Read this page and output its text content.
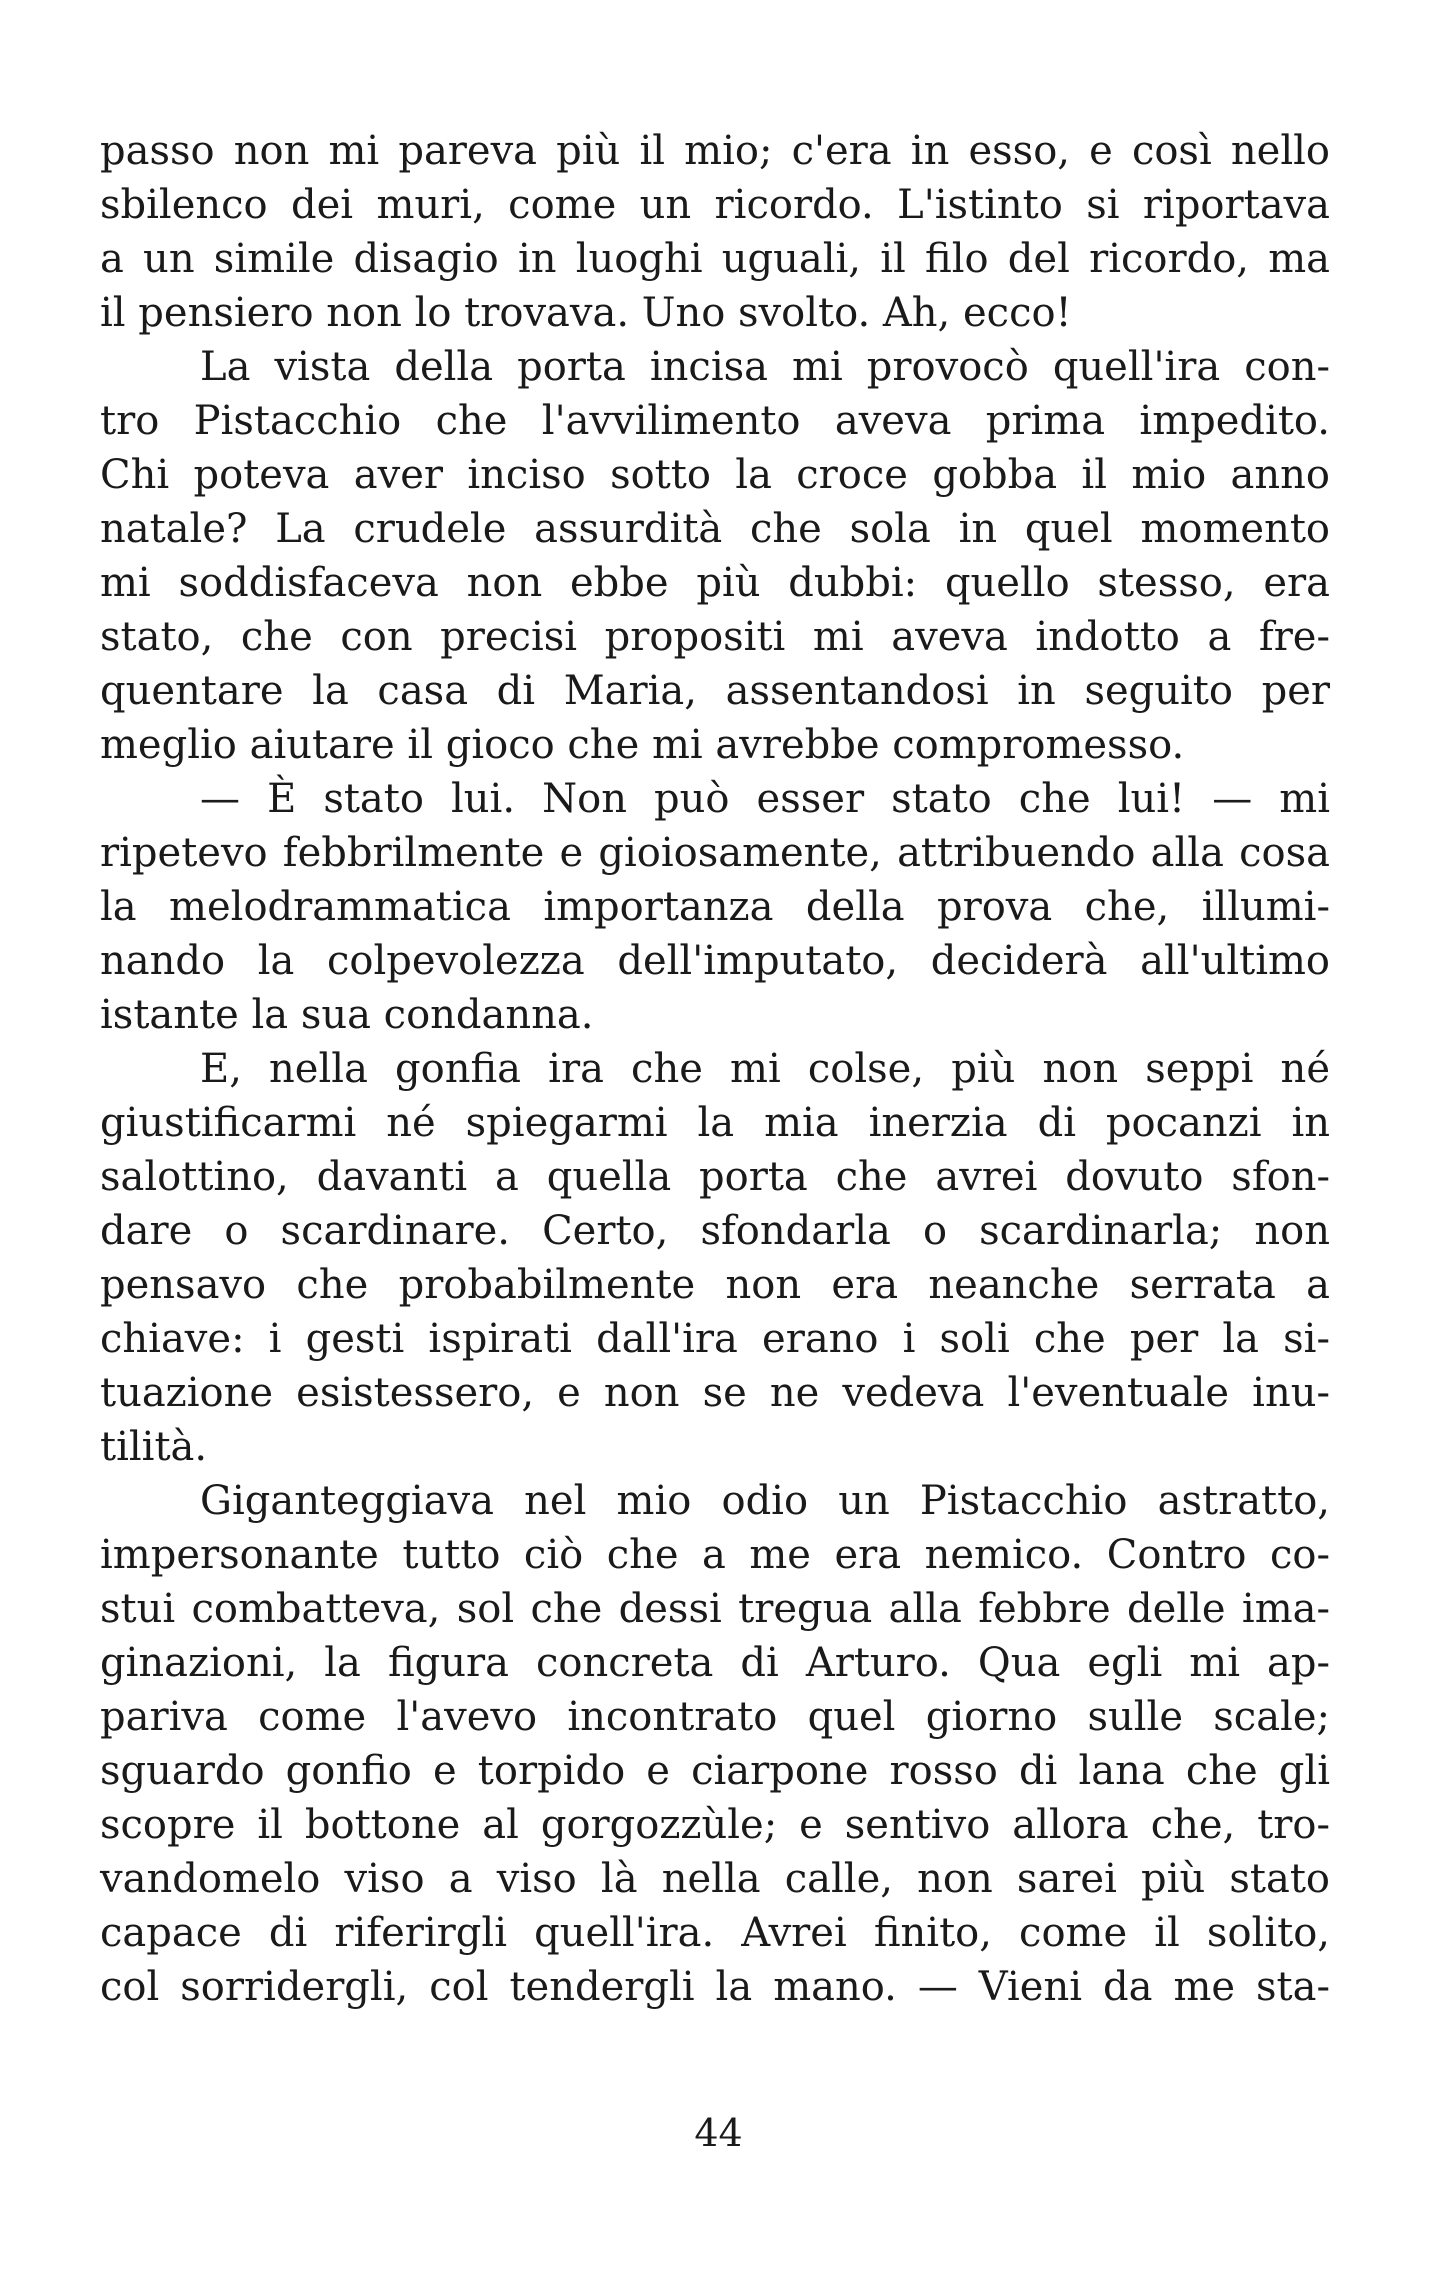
passo non mi pareva più il mio; c'era in esso, e così nello
sbilenco dei muri, come un ricordo. L'istinto si riportava
a un simile disagio in luoghi uguali, il filo del ricordo, ma
il pensiero non lo trovava. Uno svolto. Ah, ecco!
La vista della porta incisa mi provocò quell'ira con-
tro Pistacchio che l'avvilimento aveva prima impedito.
Chi poteva aver inciso sotto la croce gobba il mio anno
natale? La crudele assurdità che sola in quel momento
mi soddisfaceva non ebbe più dubbi: quello stesso, era
stato, che con precisi propositi mi aveva indotto a fre-
quentare la casa di Maria, assentandosi in seguito per
meglio aiutare il gioco che mi avrebbe compromesso.
— È stato lui. Non può esser stato che lui! — mi
ripetevo febbrilmente e gioiosamente, attribuendo alla cosa
la melodrammatica importanza della prova che, illumi-
nando la colpevolezza dell'imputato, deciderà all'ultimo
istante la sua condanna.
E, nella gonfia ira che mi colse, più non seppi né
giustificarmi né spiegarmi la mia inerzia di pocanzi in
salottino, davanti a quella porta che avrei dovuto sfon-
dare o scardinare. Certo, sfondarla o scardinarla; non
pensavo che probabilmente non era neanche serrata a
chiave: i gesti ispirati dall'ira erano i soli che per la si-
tuazione esistessero, e non se ne vedeva l'eventuale inu-
tilità.
Giganteggiava nel mio odio un Pistacchio astratto,
impersonante tutto ciò che a me era nemico. Contro co-
stui combatteva, sol che dessi tregua alla febbre delle ima-
ginazioni, la figura concreta di Arturo. Qua egli mi ap-
pariva come l'avevo incontrato quel giorno sulle scale;
sguardo gonfio e torpido e ciarpone rosso di lana che gli
scopre il bottone al gorgozzùle; e sentivo allora che, tro-
vandomelo viso a viso là nella calle, non sarei più stato
capace di riferirgli quell'ira. Avrei finito, come il solito,
col sorridergli, col tendergli la mano. — Vieni da me sta-
44
